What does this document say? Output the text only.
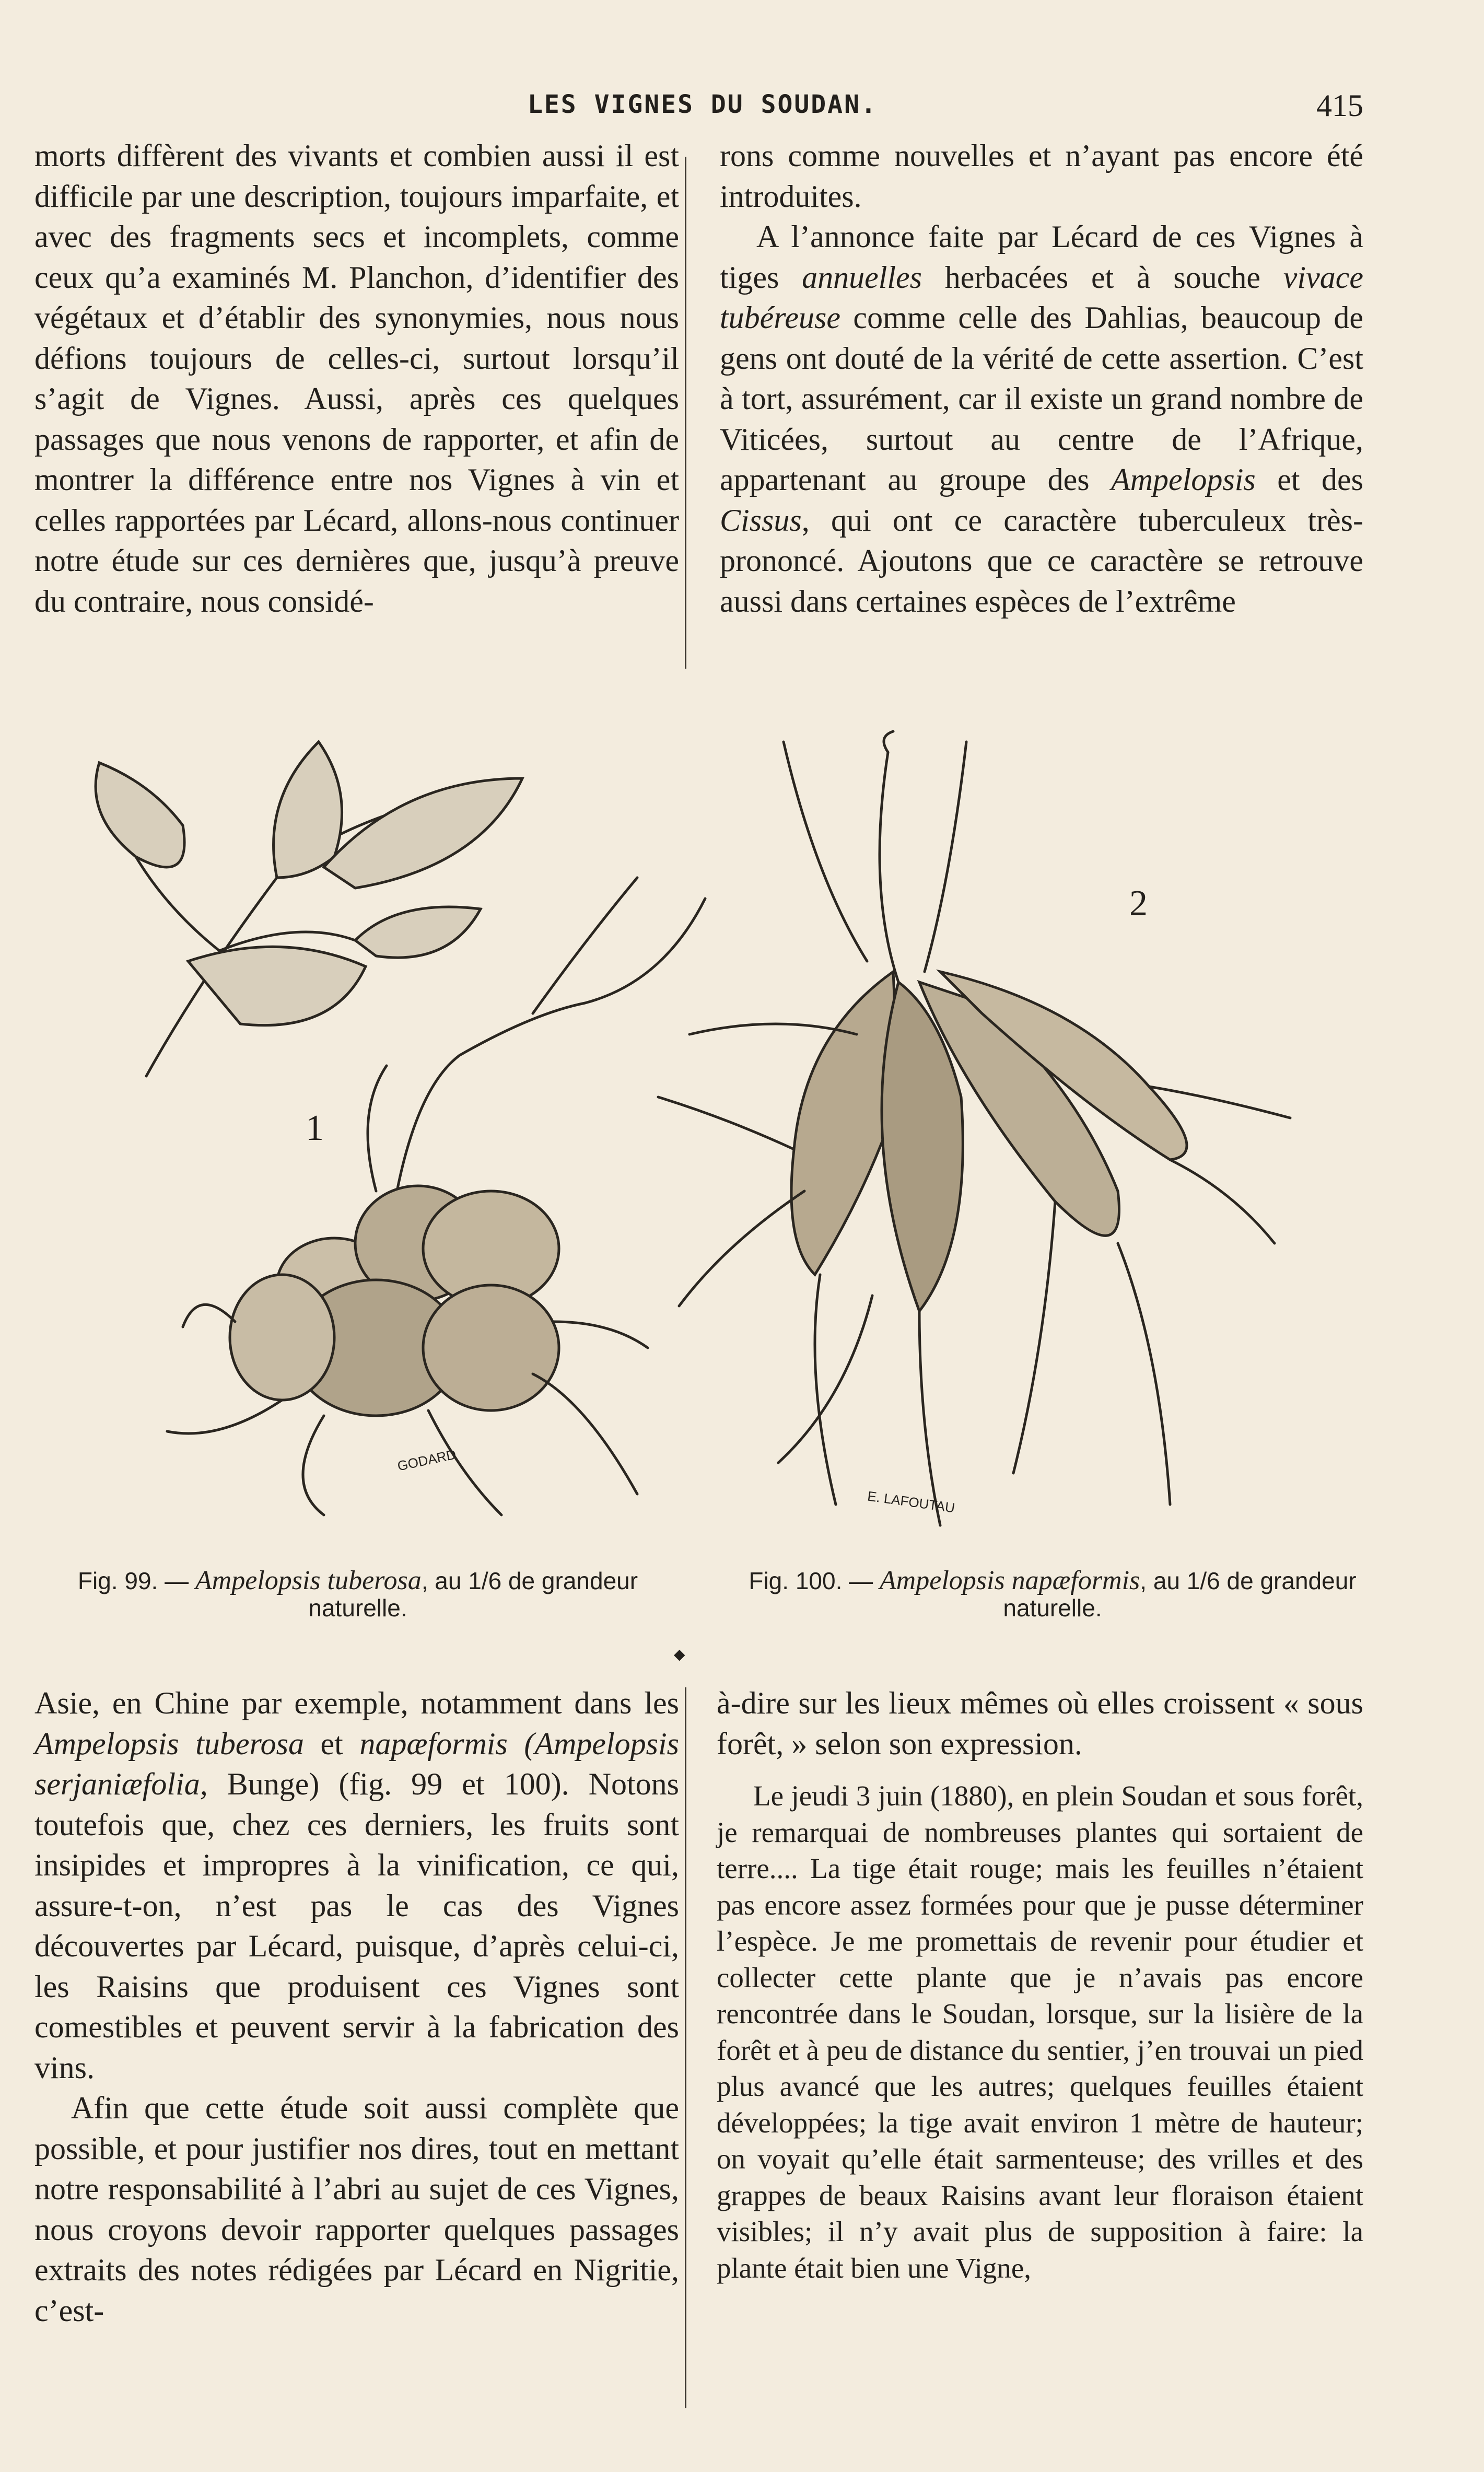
LES VIGNES DU SOUDAN.	415

morts diffèrent des vivants et combien aussi il est difficile par une description, toujours imparfaite, et avec des fragments secs et incomplets, comme ceux qu’a examinés M. Planchon, d’identifier des végétaux et d’établir des synonymies, nous nous défions toujours de celles-ci, surtout lorsqu’il s’agit de Vignes. Aussi, après ces quelques passages que nous venons de rapporter, et afin de montrer la différence entre nos Vignes à vin et celles rapportées par Lécard, allons-nous continuer notre étude sur ces dernières que, jusqu’à preuve du contraire, nous considé-

rons comme nouvelles et n’ayant pas encore été introduites.

A l’annonce faite par Lécard de ces Vignes à tiges annuelles herbacées et à souche vivace tubéreuse comme celle des Dahlias, beaucoup de gens ont douté de la vérité de cette assertion. C’est à tort, assurément, car il existe un grand nombre de Viticées, surtout au centre de l’Afrique, appartenant au groupe des Ampelopsis et des Cissus, qui ont ce caractère tuberculeux très-prononcé. Ajoutons que ce caractère se retrouve aussi dans certaines espèces de l’extrême

1
GODARD
2
E. LAFOUTAU
Fig. 99. — Ampelopsis tuberosa, au 1/6 de grandeur naturelle.
Fig. 100. — Ampelopsis napæformis, au 1/6 de grandeur naturelle.
◆

Asie, en Chine par exemple, notamment dans les Ampelopsis tuberosa et napæformis (Ampelopsis serjaniæfolia, Bunge) (fig. 99 et 100). Notons toutefois que, chez ces derniers, les fruits sont insipides et impropres à la vinification, ce qui, assure-t-on, n’est pas le cas des Vignes découvertes par Lécard, puisque, d’après celui-ci, les Raisins que produisent ces Vignes sont comestibles et peuvent servir à la fabrication des vins.

Afin que cette étude soit aussi complète que possible, et pour justifier nos dires, tout en mettant notre responsabilité à l’abri au sujet de ces Vignes, nous croyons devoir rapporter quelques passages extraits des notes rédigées par Lécard en Nigritie, c’est-

à-dire sur les lieux mêmes où elles croissent « sous forêt, » selon son expression.

Le jeudi 3 juin (1880), en plein Soudan et sous forêt, je remarquai de nombreuses plantes qui sortaient de terre.... La tige était rouge; mais les feuilles n’étaient pas encore assez formées pour que je pusse déterminer l’espèce. Je me promettais de revenir pour étudier et collecter cette plante que je n’avais pas encore rencontrée dans le Soudan, lorsque, sur la lisière de la forêt et à peu de distance du sentier, j’en trouvai un pied plus avancé que les autres; quelques feuilles étaient développées; la tige avait environ 1 mètre de hauteur; on voyait qu’elle était sarmenteuse; des vrilles et des grappes de beaux Raisins avant leur floraison étaient visibles; il n’y avait plus de supposition à faire: la plante était bien une Vigne,
